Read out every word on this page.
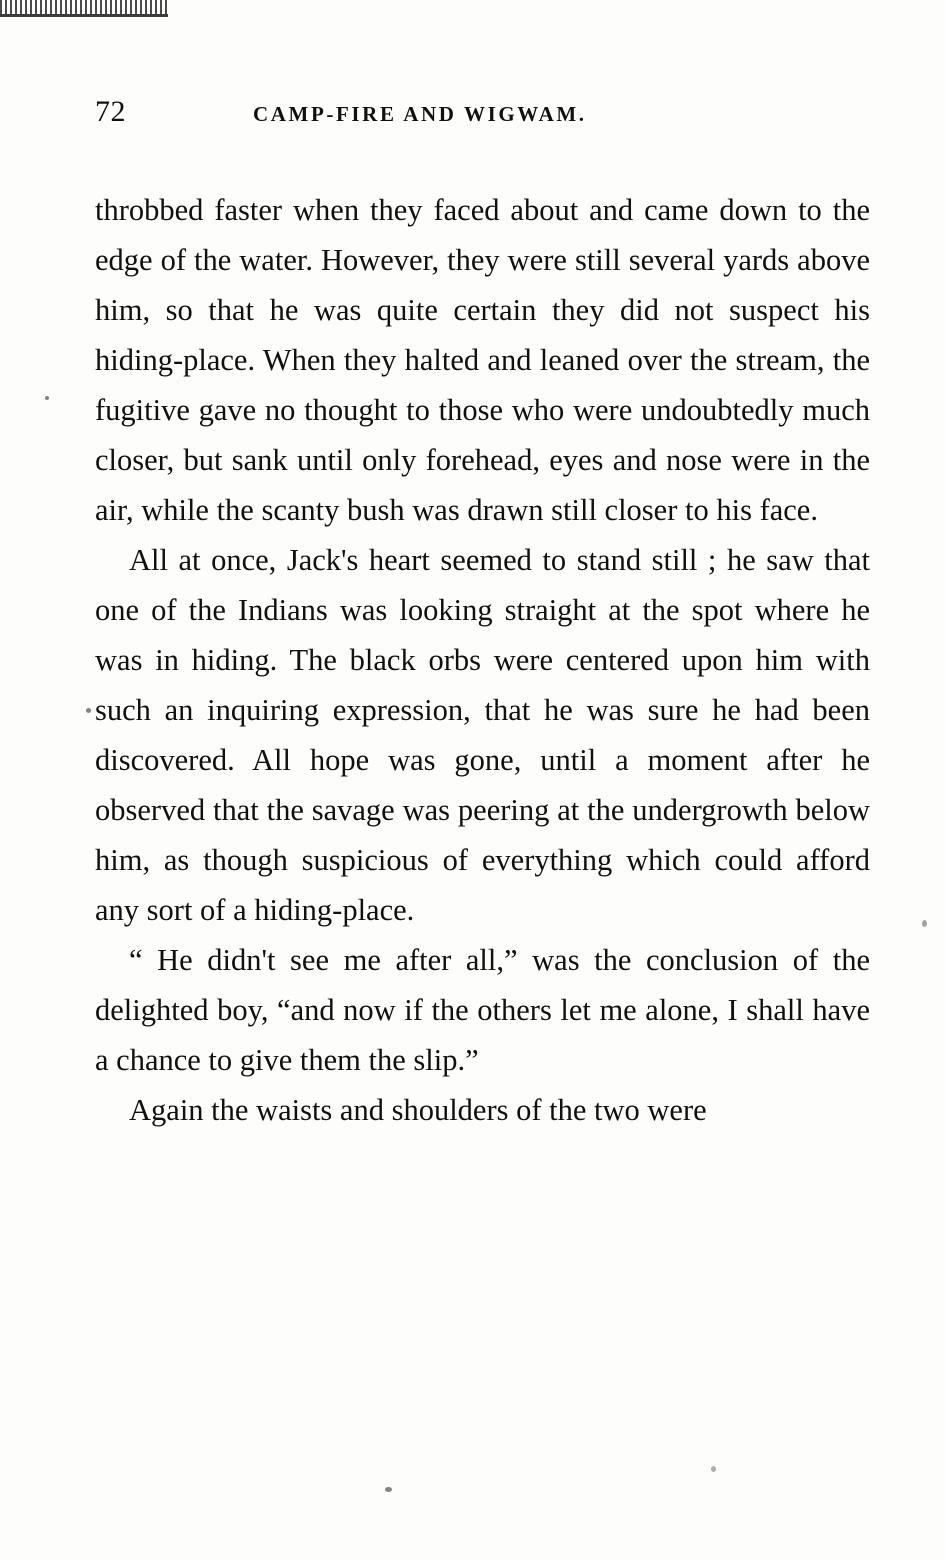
72	CAMP-FIRE AND WIGWAM.

throbbed faster when they faced about and came down to the edge of the water. However, they were still several yards above him, so that he was quite certain they did not suspect his hiding-place. When they halted and leaned over the stream, the fugitive gave no thought to those who were undoubtedly much closer, but sank until only forehead, eyes and nose were in the air, while the scanty bush was drawn still closer to his face.

All at once, Jack's heart seemed to stand still ; he saw that one of the Indians was looking straight at the spot where he was in hiding. The black orbs were centered upon him with such an inquiring expression, that he was sure he had been discovered. All hope was gone, until a moment after he observed that the savage was peering at the undergrowth below him, as though suspicious of everything which could afford any sort of a hiding-place.

“ He didn't see me after all,” was the conclusion of the delighted boy, “and now if the others let me alone, I shall have a chance to give them the slip.”

Again the waists and shoulders of the two were
